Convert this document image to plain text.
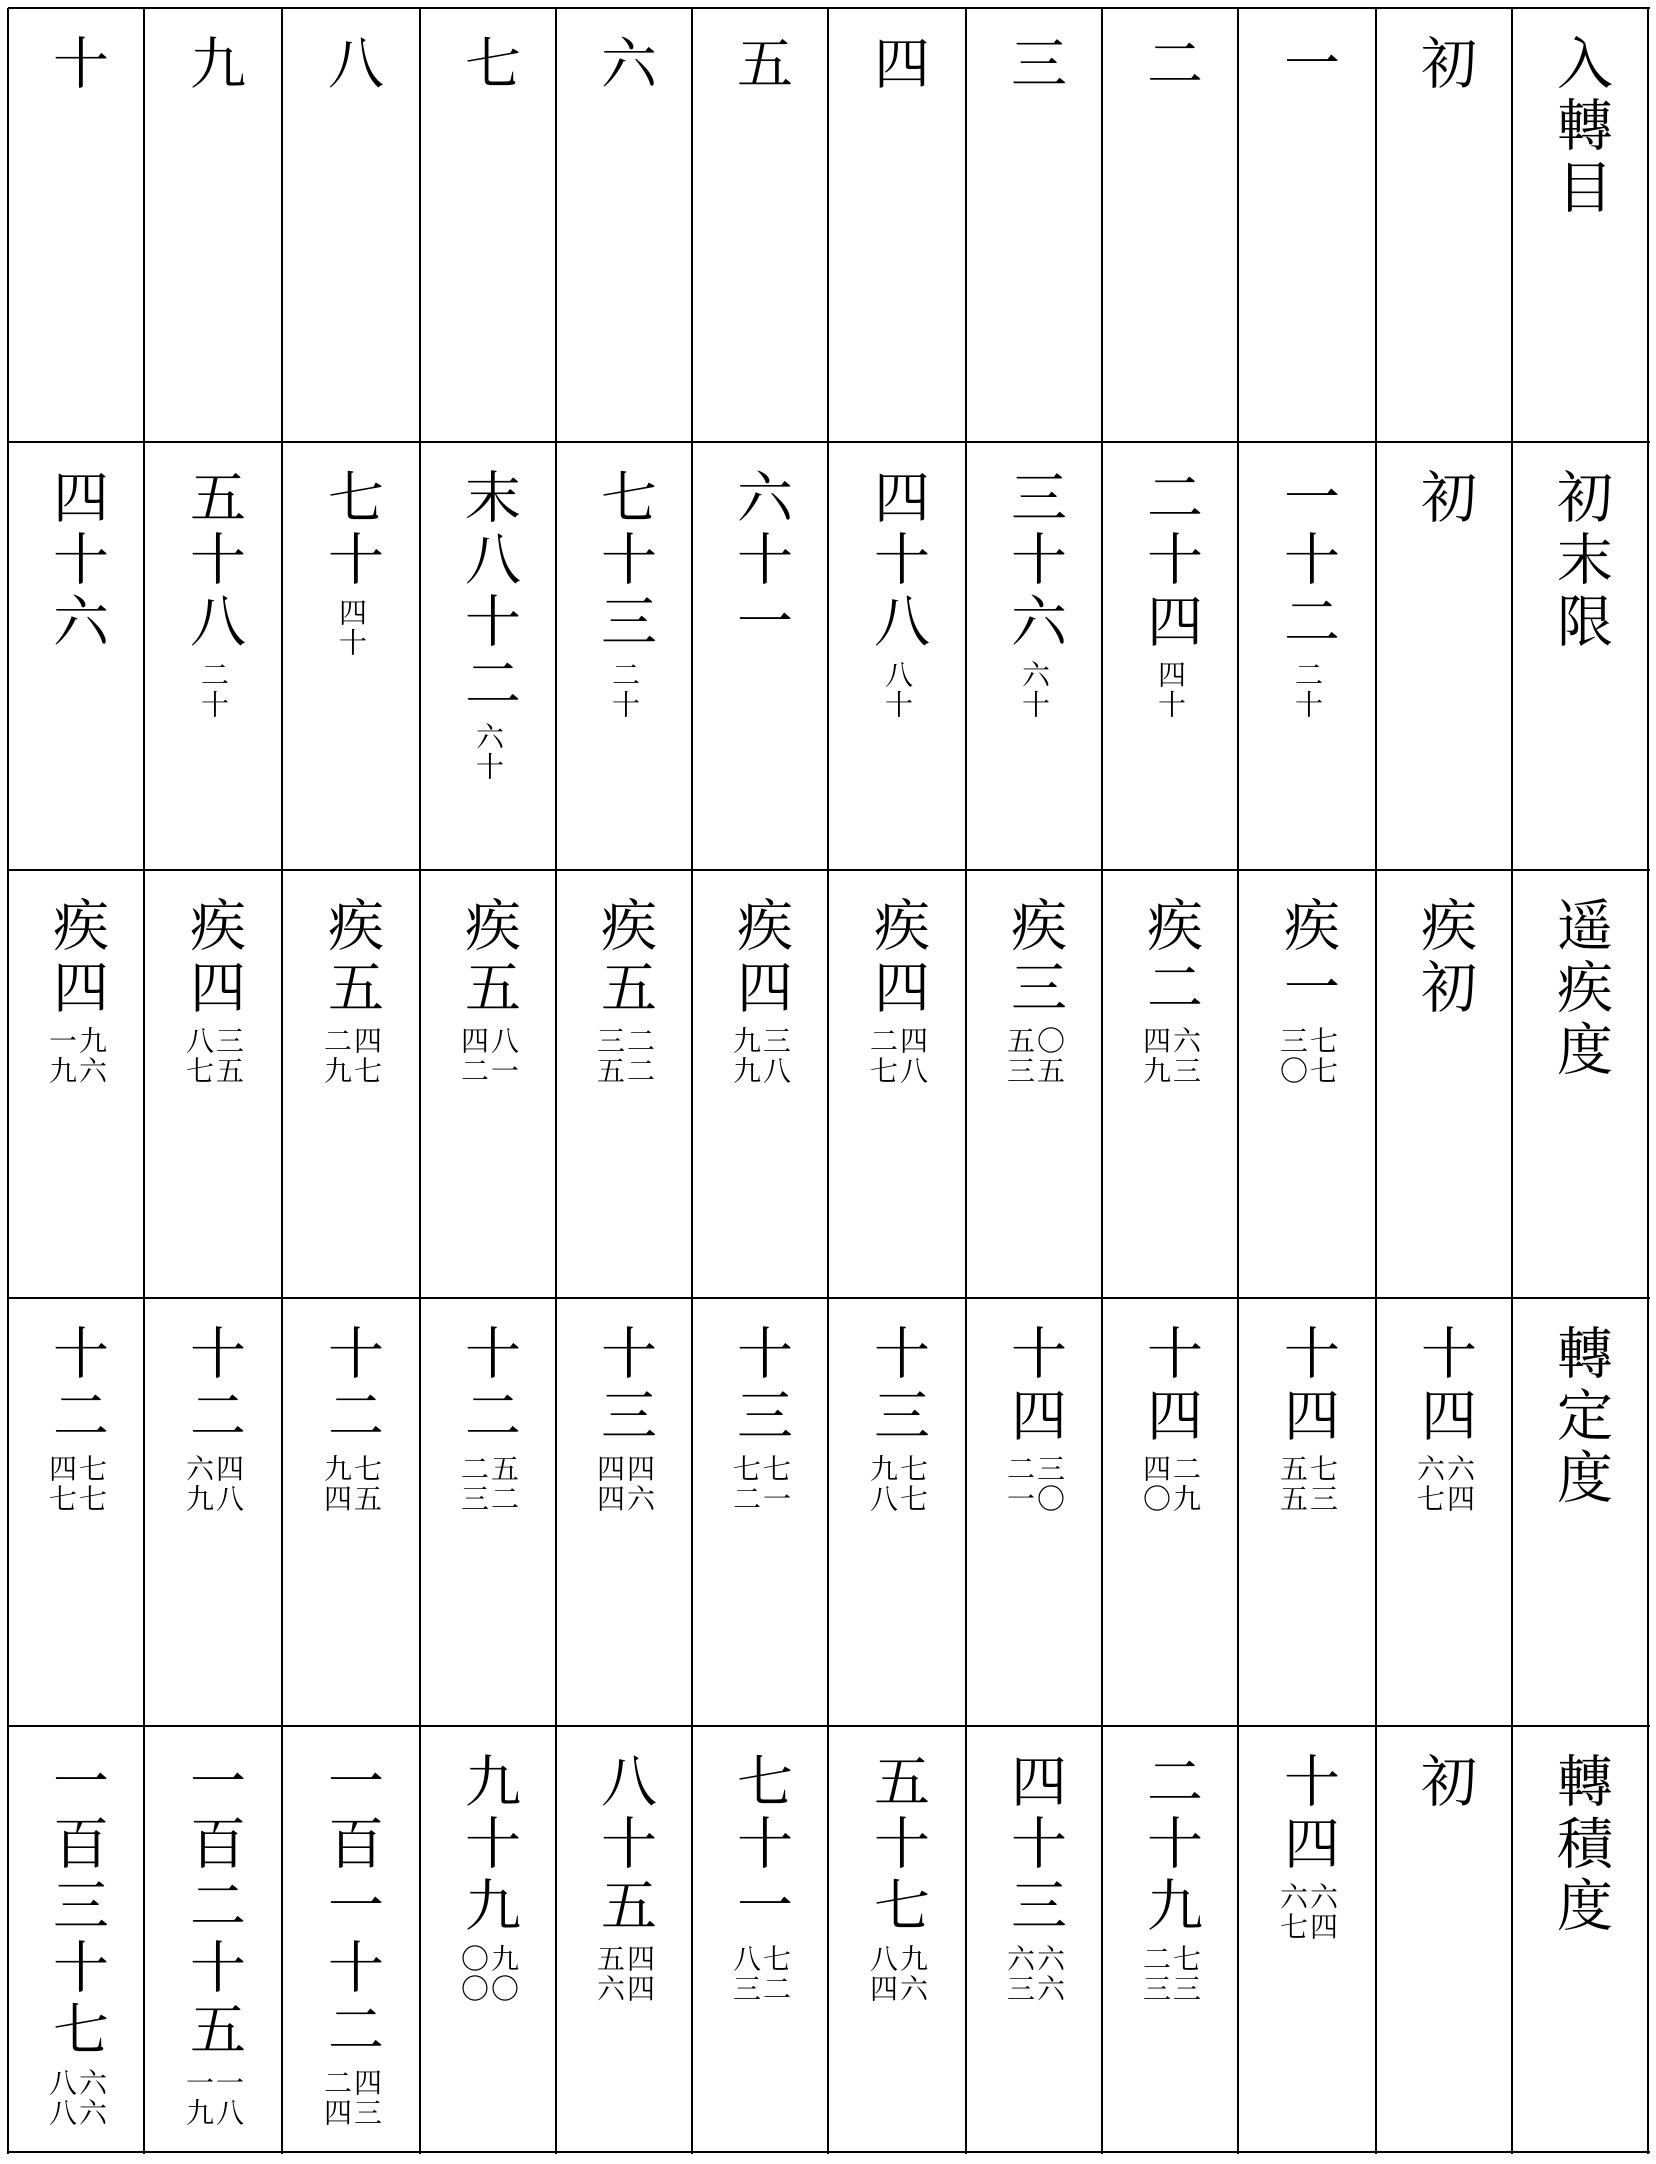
入轉目
初末限
遥疾度
轉定度
轉積度
初
初
疾初
十四
六四
六七
初
一
一十二
二十
疾一
七七
三〇
十四
七三
五五
十四
六四
六七
二
二十四
四十
疾二
六三
四九
十四
二九
四〇
二十九
七三
二三
三
三十六
六十
疾三
〇五
五三
十四
三〇
二一
四十三
六六
六三
四
四十八
八十
疾四
四八
二七
十三
七七
九八
五十七
九六
八四
五
六十一
疾四
三八
九九
十三
七一
七二
七十一
七二
八三
六
七十三
二十
疾五
二二
三五
十三
四六
四四
八十五
四四
五六
七
末八十二
六十
疾五
八一
四二
十二
五二
二三
九十九
九〇
〇〇
八
七十
四十
疾五
四七
二九
十二
七五
九四
一百一十二
四三
二四
九
五十八
二十
疾四
三五
八七
十二
四八
六九
一百二十五
一八
一九
十
四十六
疾四
九六
一九
十二
七七
四七
一百三十七
六六
八八
